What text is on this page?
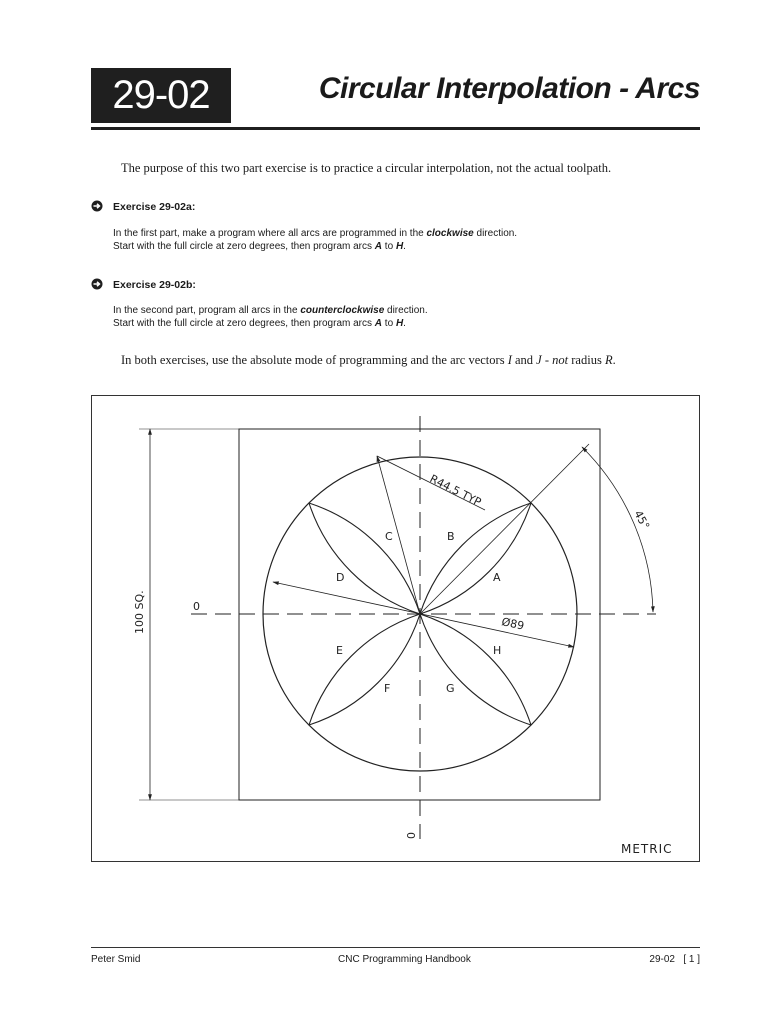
29-02	Circular Interpolation - Arcs
The purpose of this two part exercise is to practice a circular interpolation, not the actual toolpath.
Exercise 29-02a:
In the first part, make a program where all arcs are programmed in the clockwise direction.
Start with the full circle at zero degrees, then program arcs A to H.
Exercise 29-02b:
In the second part, program all arcs in the counterclockwise direction.
Start with the full circle at zero degrees, then program arcs A to H.
In both exercises, use the absolute mode of programming and the arc vectors I and J - not radius R.
100 SQ.	0
0
R44.5 TYP
Ø89
45°
METRIC
A
B
C
D
E
F	G
H
Peter Smid	CNC Programming Handbook	29-02   [ 1 ]
